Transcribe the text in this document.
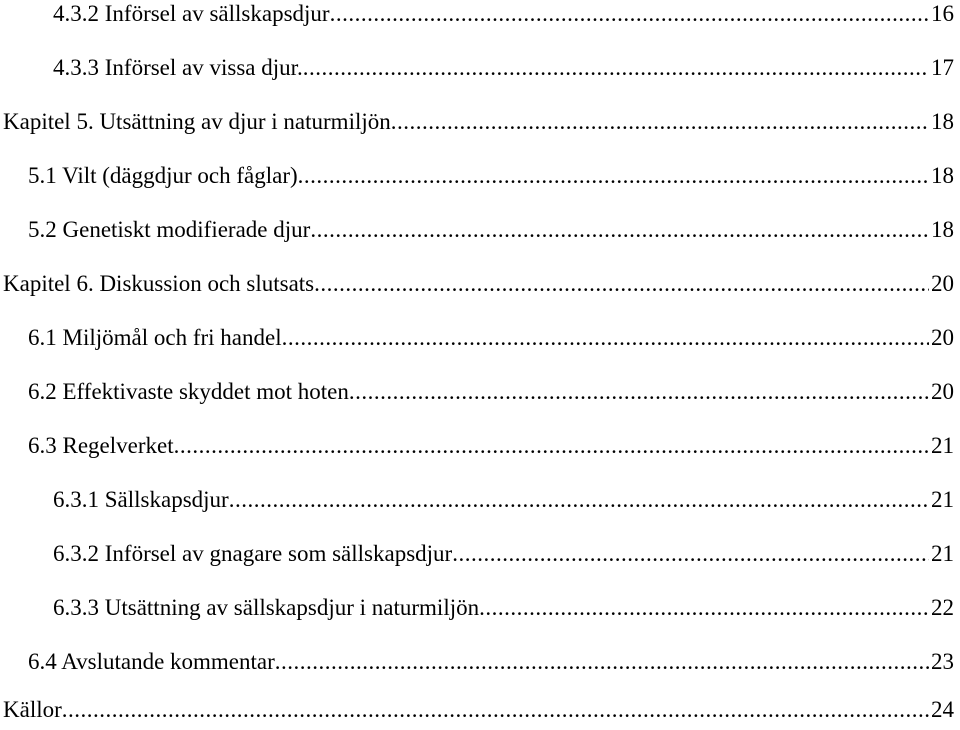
4.3.2 Införsel av sällskapsdjur .....	16
4.3.3 Införsel av vissa djur. .....	17
Kapitel 5. Utsättning av djur i naturmiljön .....	18
5.1 Vilt (däggdjur och fåglar) .....	18
5.2 Genetiskt modifierade djur .....	18
Kapitel 6. Diskussion och slutsats .....	20
6.1 Miljömål och fri handel .....	20
6.2 Effektivaste skyddet mot hoten .....	20
6.3 Regelverket .....	21
6.3.1 Sällskapsdjur .....	21
6.3.2 Införsel av gnagare som sällskapsdjur .....	21
6.3.3 Utsättning av sällskapsdjur i naturmiljön .....	22
6.4 Avslutande kommentar .....	23
Källor .....	24
